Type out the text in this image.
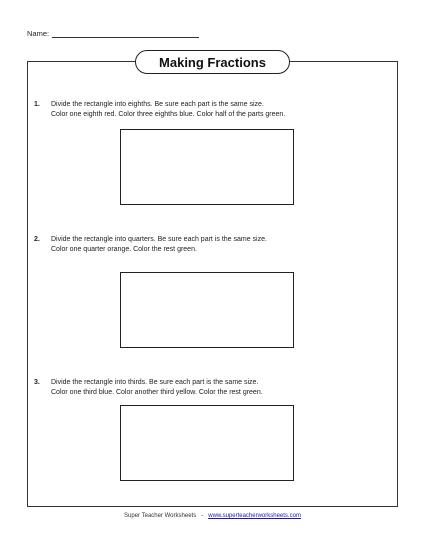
Name:
Making Fractions
1. Divide the rectangle into eighths. Be sure each part is the same size.
Color one eighth red. Color three eighths blue. Color half of the parts green.
2. Divide the rectangle into quarters. Be sure each part is the same size.
Color one quarter orange. Color the rest green.
3. Divide the rectangle into thirds. Be sure each part is the same size.
Color one third blue. Color another third yellow. Color the rest green.
Super Teacher Worksheets - www.superteacherworksheets.com
